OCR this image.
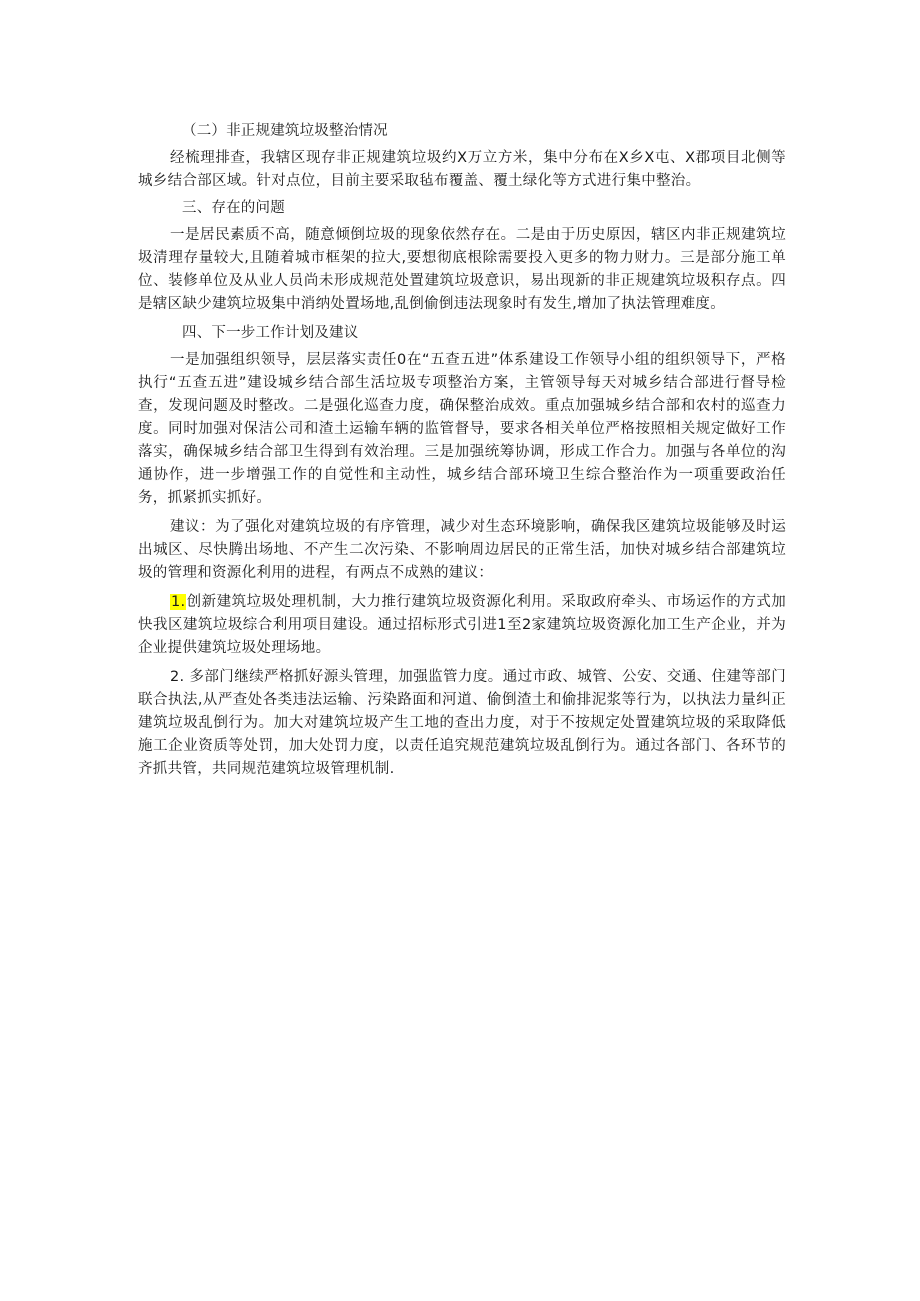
（二）非正规建筑垃圾整治情况

经梳理排查，我辖区现存非正规建筑垃圾约X万立方米，集中分布在X乡X屯、X郡项目北侧等城乡结合部区域。针对点位，目前主要采取毡布覆盖、覆土绿化等方式进行集中整治。

三、存在的问题

一是居民素质不高，随意倾倒垃圾的现象依然存在。二是由于历史原因，辖区内非正规建筑垃圾清理存量较大,且随着城市框架的拉大,要想彻底根除需要投入更多的物力财力。三是部分施工单位、装修单位及从业人员尚未形成规范处置建筑垃圾意识，易出现新的非正规建筑垃圾积存点。四是辖区缺少建筑垃圾集中消纳处置场地,乱倒偷倒违法现象时有发生,增加了执法管理难度。

四、下一步工作计划及建议

一是加强组织领导，层层落实责任0在“五查五进”体系建设工作领导小组的组织领导下，严格执行“五查五进”建设城乡结合部生活垃圾专项整治方案，主管领导每天对城乡结合部进行督导检查，发现问题及时整改。二是强化巡查力度，确保整治成效。重点加强城乡结合部和农村的巡查力度。同时加强对保洁公司和渣土运输车辆的监管督导，要求各相关单位严格按照相关规定做好工作落实，确保城乡结合部卫生得到有效治理。三是加强统筹协调，形成工作合力。加强与各单位的沟通协作，进一步增强工作的自觉性和主动性，城乡结合部环境卫生综合整治作为一项重要政治任务，抓紧抓实抓好。

建议：为了强化对建筑垃圾的有序管理，减少对生态环境影响，确保我区建筑垃圾能够及时运出城区、尽快腾出场地、不产生二次污染、不影响周边居民的正常生活，加快对城乡结合部建筑垃圾的管理和资源化利用的进程，有两点不成熟的建议：

1.创新建筑垃圾处理机制，大力推行建筑垃圾资源化利用。采取政府牵头、市场运作的方式加快我区建筑垃圾综合利用项目建设。通过招标形式引进1至2家建筑垃圾资源化加工生产企业，并为企业提供建筑垃圾处理场地。

2. 多部门继续严格抓好源头管理，加强监管力度。通过市政、城管、公安、交通、住建等部门联合执法,从严查处各类违法运输、污染路面和河道、偷倒渣土和偷排泥浆等行为，以执法力量纠正建筑垃圾乱倒行为。加大对建筑垃圾产生工地的查出力度，对于不按规定处置建筑垃圾的采取降低施工企业资质等处罚，加大处罚力度，以责任追究规范建筑垃圾乱倒行为。通过各部门、各环节的齐抓共管，共同规范建筑垃圾管理机制.
